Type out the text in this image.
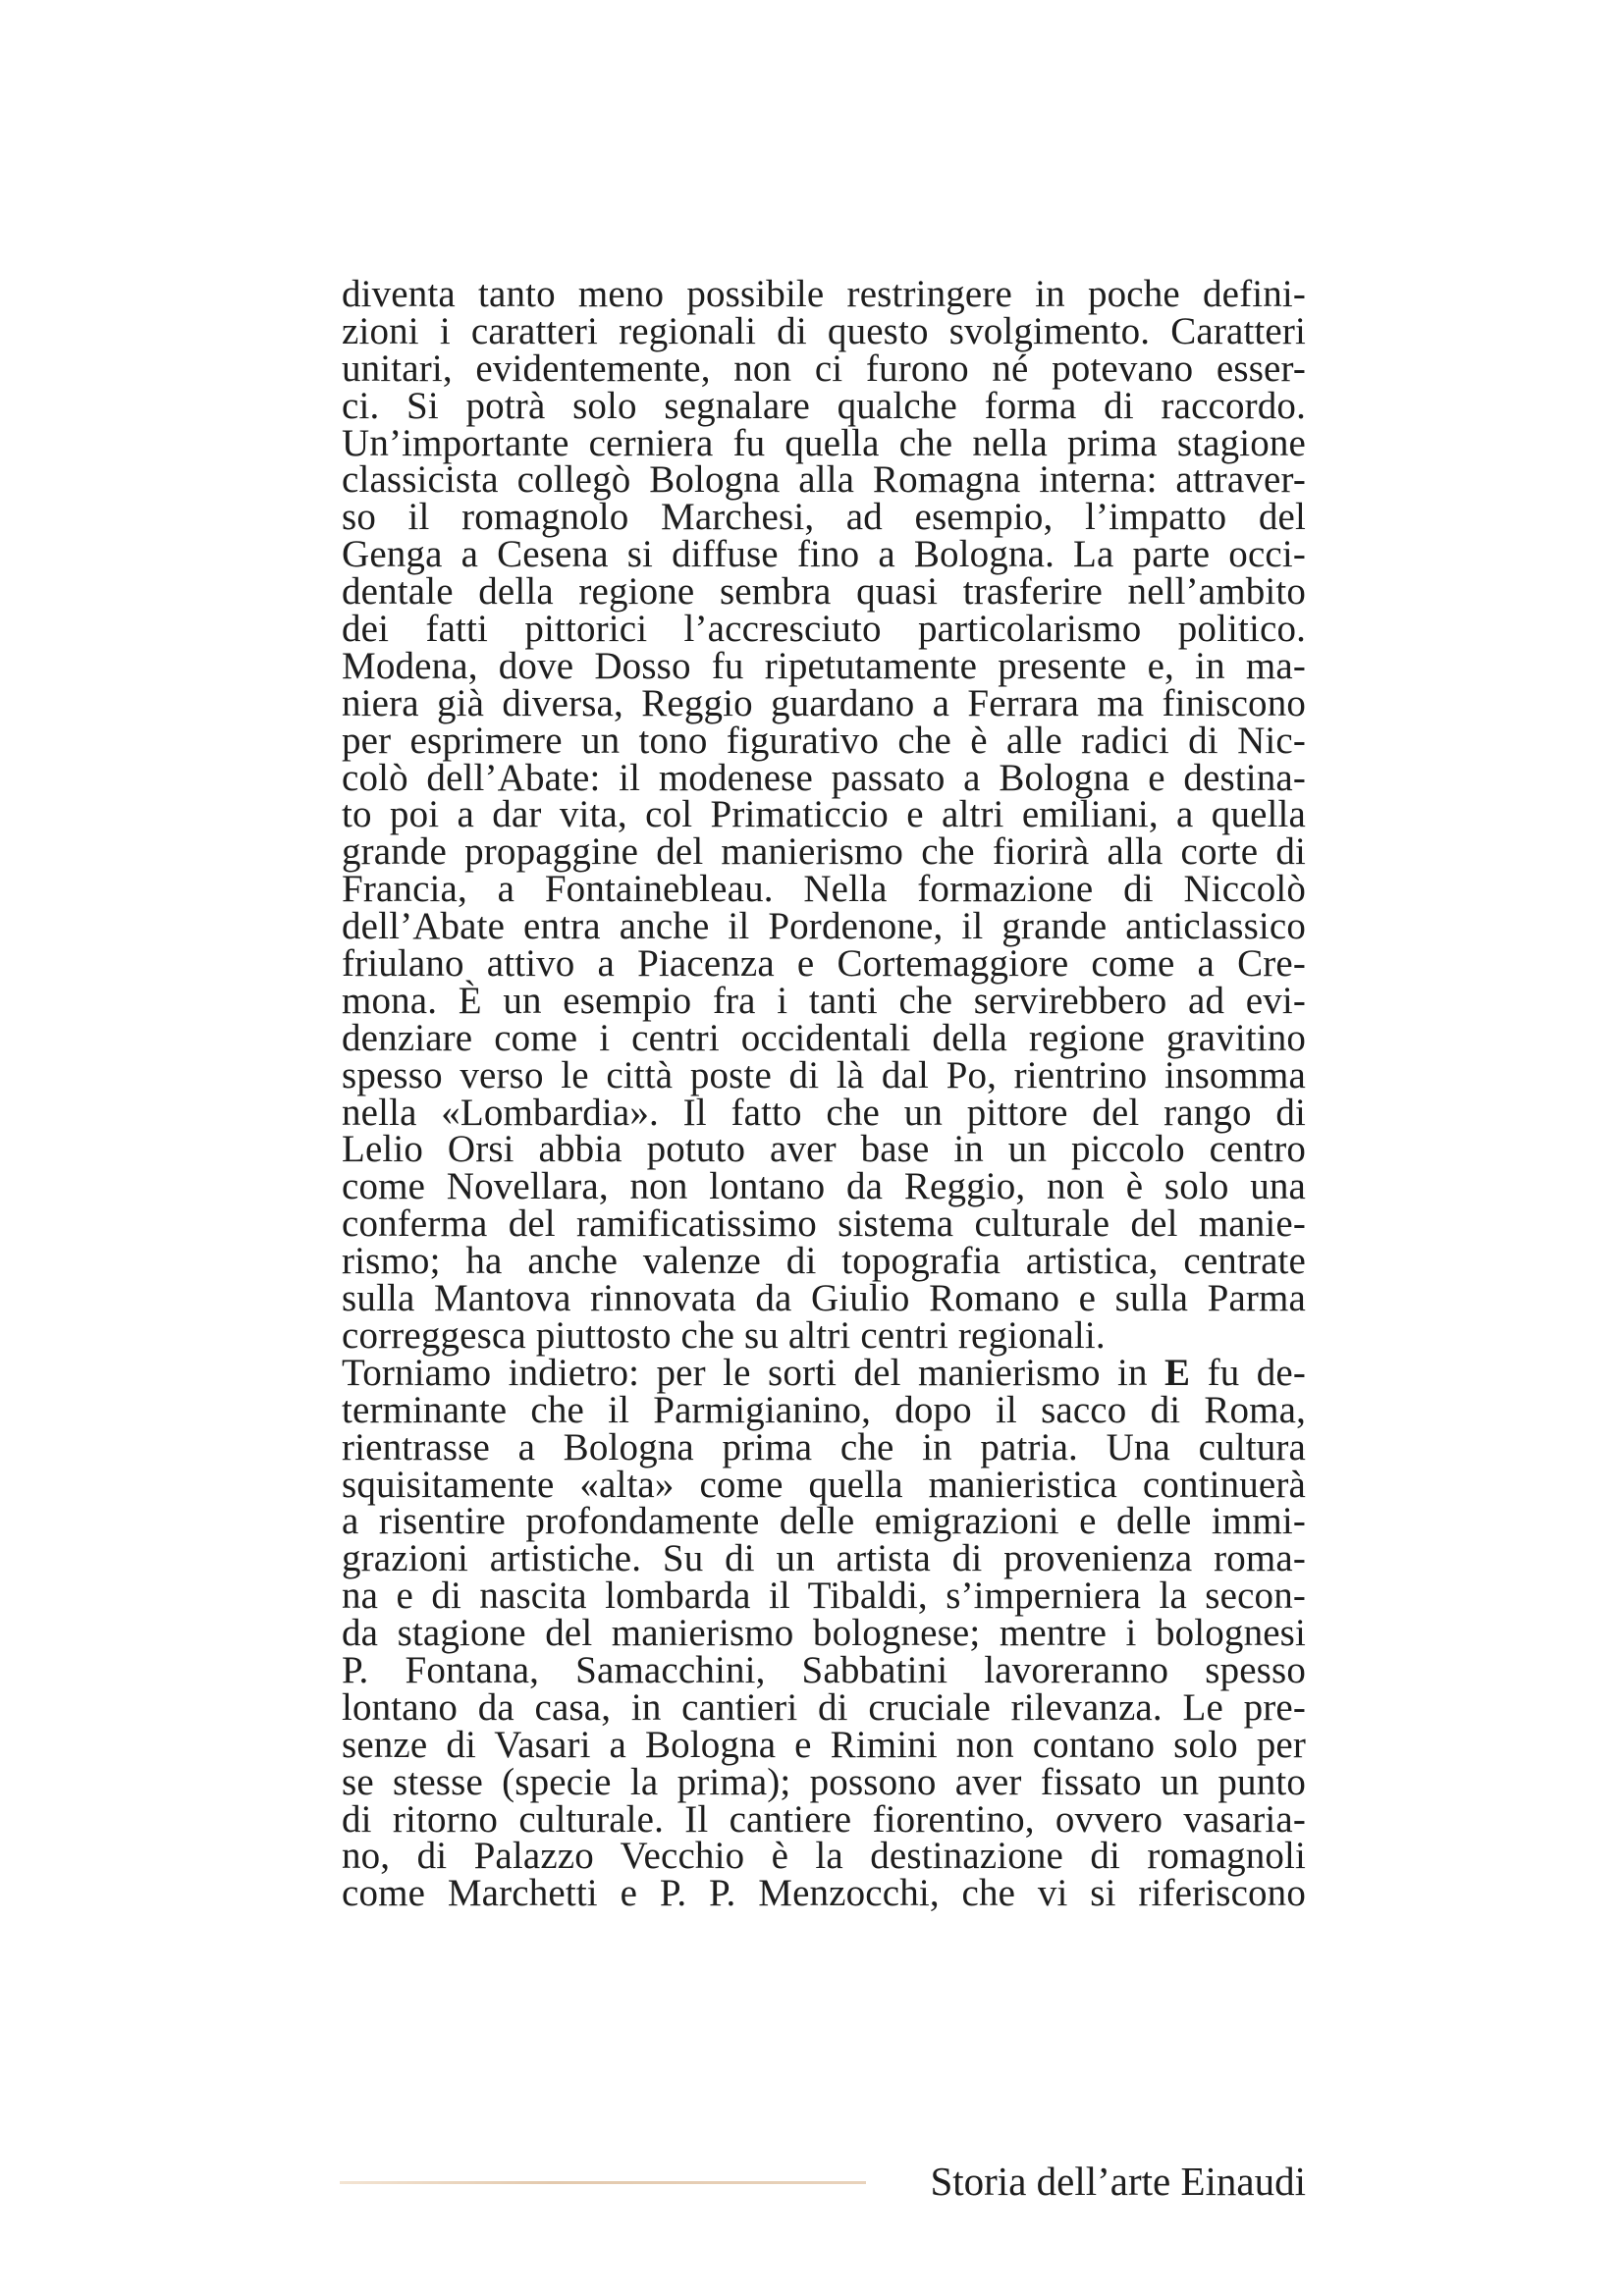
diventa tanto meno possibile restringere in poche defini-
zioni i caratteri regionali di questo svolgimento. Caratteri
unitari, evidentemente, non ci furono né potevano esser-
ci. Si potrà solo segnalare qualche forma di raccordo.
Un’importante cerniera fu quella che nella prima stagione
classicista collegò Bologna alla Romagna interna: attraver-
so il romagnolo Marchesi, ad esempio, l’impatto del
Genga a Cesena si diffuse fino a Bologna. La parte occi-
dentale della regione sembra quasi trasferire nell’ambito
dei fatti pittorici l’accresciuto particolarismo politico.
Modena, dove Dosso fu ripetutamente presente e, in ma-
niera già diversa, Reggio guardano a Ferrara ma finiscono
per esprimere un tono figurativo che è alle radici di Nic-
colò dell’Abate: il modenese passato a Bologna e destina-
to poi a dar vita, col Primaticcio e altri emiliani, a quella
grande propaggine del manierismo che fiorirà alla corte di
Francia, a Fontainebleau. Nella formazione di Niccolò
dell’Abate entra anche il Pordenone, il grande anticlassico
friulano attivo a Piacenza e Cortemaggiore come a Cre-
mona. È un esempio fra i tanti che servirebbero ad evi-
denziare come i centri occidentali della regione gravitino
spesso verso le città poste di là dal Po, rientrino insomma
nella «Lombardia». Il fatto che un pittore del rango di
Lelio Orsi abbia potuto aver base in un piccolo centro
come Novellara, non lontano da Reggio, non è solo una
conferma del ramificatissimo sistema culturale del manie-
rismo; ha anche valenze di topografia artistica, centrate
sulla Mantova rinnovata da Giulio Romano e sulla Parma
correggesca piuttosto che su altri centri regionali.
Torniamo indietro: per le sorti del manierismo in E fu de-
terminante che il Parmigianino, dopo il sacco di Roma,
rientrasse a Bologna prima che in patria. Una cultura
squisitamente «alta» come quella manieristica continuerà
a risentire profondamente delle emigrazioni e delle immi-
grazioni artistiche. Su di un artista di provenienza roma-
na e di nascita lombarda il Tibaldi, s’imperniera la secon-
da stagione del manierismo bolognese; mentre i bolognesi
P. Fontana, Samacchini, Sabbatini lavoreranno spesso
lontano da casa, in cantieri di cruciale rilevanza. Le pre-
senze di Vasari a Bologna e Rimini non contano solo per
se stesse (specie la prima); possono aver fissato un punto
di ritorno culturale. Il cantiere fiorentino, ovvero vasaria-
no, di Palazzo Vecchio è la destinazione di romagnoli
come Marchetti e P. P. Menzocchi, che vi si riferiscono
Storia dell’arte Einaudi
